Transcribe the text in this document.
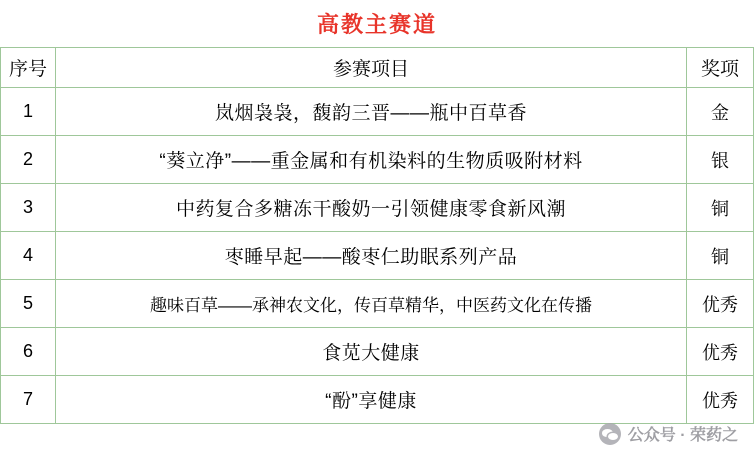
高教主赛道
序号	参赛项目	奖项
1	岚烟袅袅，馥韵三晋——瓶中百草香	金
2	“葵立净”——重金属和有机染料的生物质吸附材料	银
3	中药复合多糖冻干酸奶一引领健康零食新风潮	铜
4	枣睡早起——酸枣仁助眠系列产品	铜
5	趣味百草——承神农文化，传百草精华，中医药文化在传播	优秀
6	食苋大健康	优秀
7	“酚”享健康	优秀
公众号 · 荣药之
